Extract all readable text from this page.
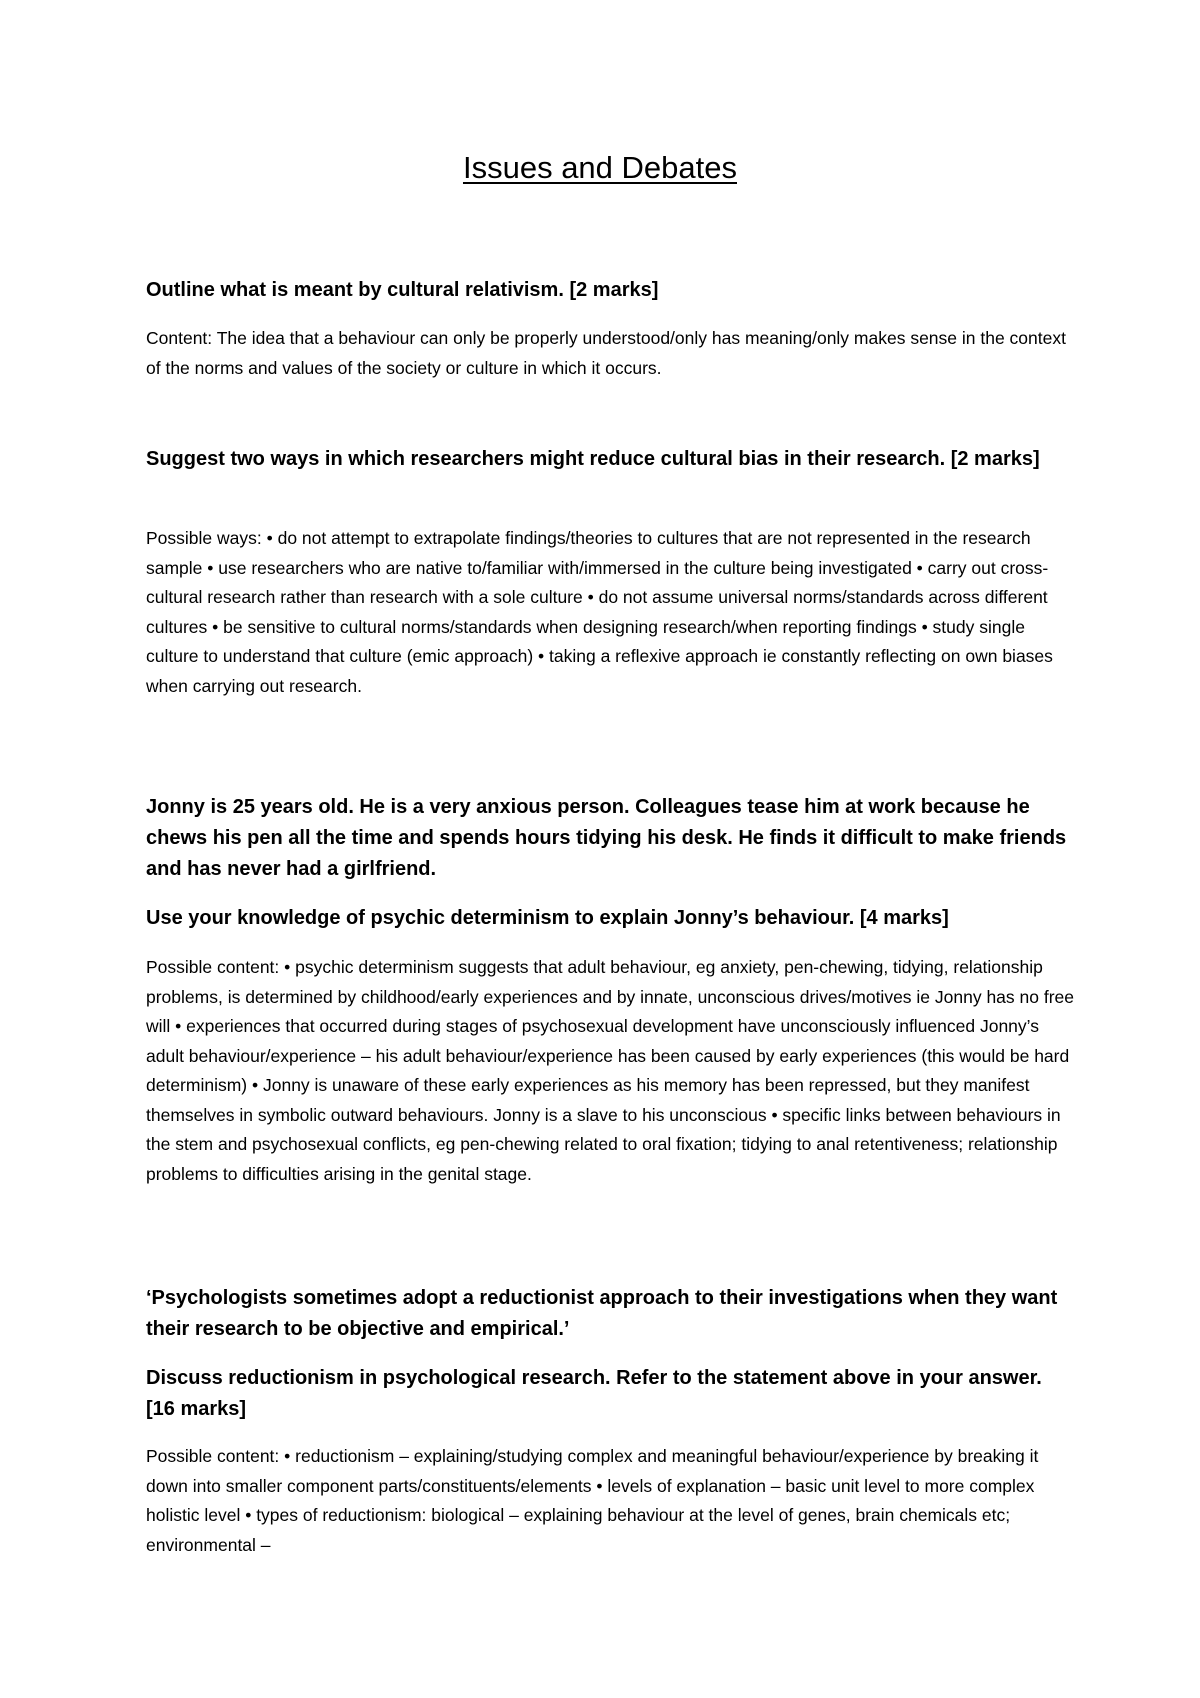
Issues and Debates

Outline what is meant by cultural relativism. [2 marks]

Content: The idea that a behaviour can only be properly understood/only has meaning/only makes sense in the context of the norms and values of the society or culture in which it occurs.

Suggest two ways in which researchers might reduce cultural bias in their research. [2 marks]

Possible ways: • do not attempt to extrapolate findings/theories to cultures that are not represented in the research sample • use researchers who are native to/familiar with/immersed in the culture being investigated • carry out cross-cultural research rather than research with a sole culture • do not assume universal norms/standards across different cultures • be sensitive to cultural norms/standards when designing research/when reporting findings • study single culture to understand that culture (emic approach) • taking a reflexive approach ie constantly reflecting on own biases when carrying out research.

Jonny is 25 years old. He is a very anxious person. Colleagues tease him at work because he chews his pen all the time and spends hours tidying his desk. He finds it difficult to make friends and has never had a girlfriend.

Use your knowledge of psychic determinism to explain Jonny’s behaviour. [4 marks]

Possible content: • psychic determinism suggests that adult behaviour, eg anxiety, pen-chewing, tidying, relationship problems, is determined by childhood/early experiences and by innate, unconscious drives/motives ie Jonny has no free will • experiences that occurred during stages of psychosexual development have unconsciously influenced Jonny’s adult behaviour/experience – his adult behaviour/experience has been caused by early experiences (this would be hard determinism) • Jonny is unaware of these early experiences as his memory has been repressed, but they manifest themselves in symbolic outward behaviours. Jonny is a slave to his unconscious • specific links between behaviours in the stem and psychosexual conflicts, eg pen-chewing related to oral fixation; tidying to anal retentiveness; relationship problems to difficulties arising in the genital stage.

‘Psychologists sometimes adopt a reductionist approach to their investigations when they want their research to be objective and empirical.’

Discuss reductionism in psychological research. Refer to the statement above in your answer. [16 marks]

Possible content: • reductionism – explaining/studying complex and meaningful behaviour/experience by breaking it down into smaller component parts/constituents/elements • levels of explanation – basic unit level to more complex holistic level • types of reductionism: biological – explaining behaviour at the level of genes, brain chemicals etc; environmental –
